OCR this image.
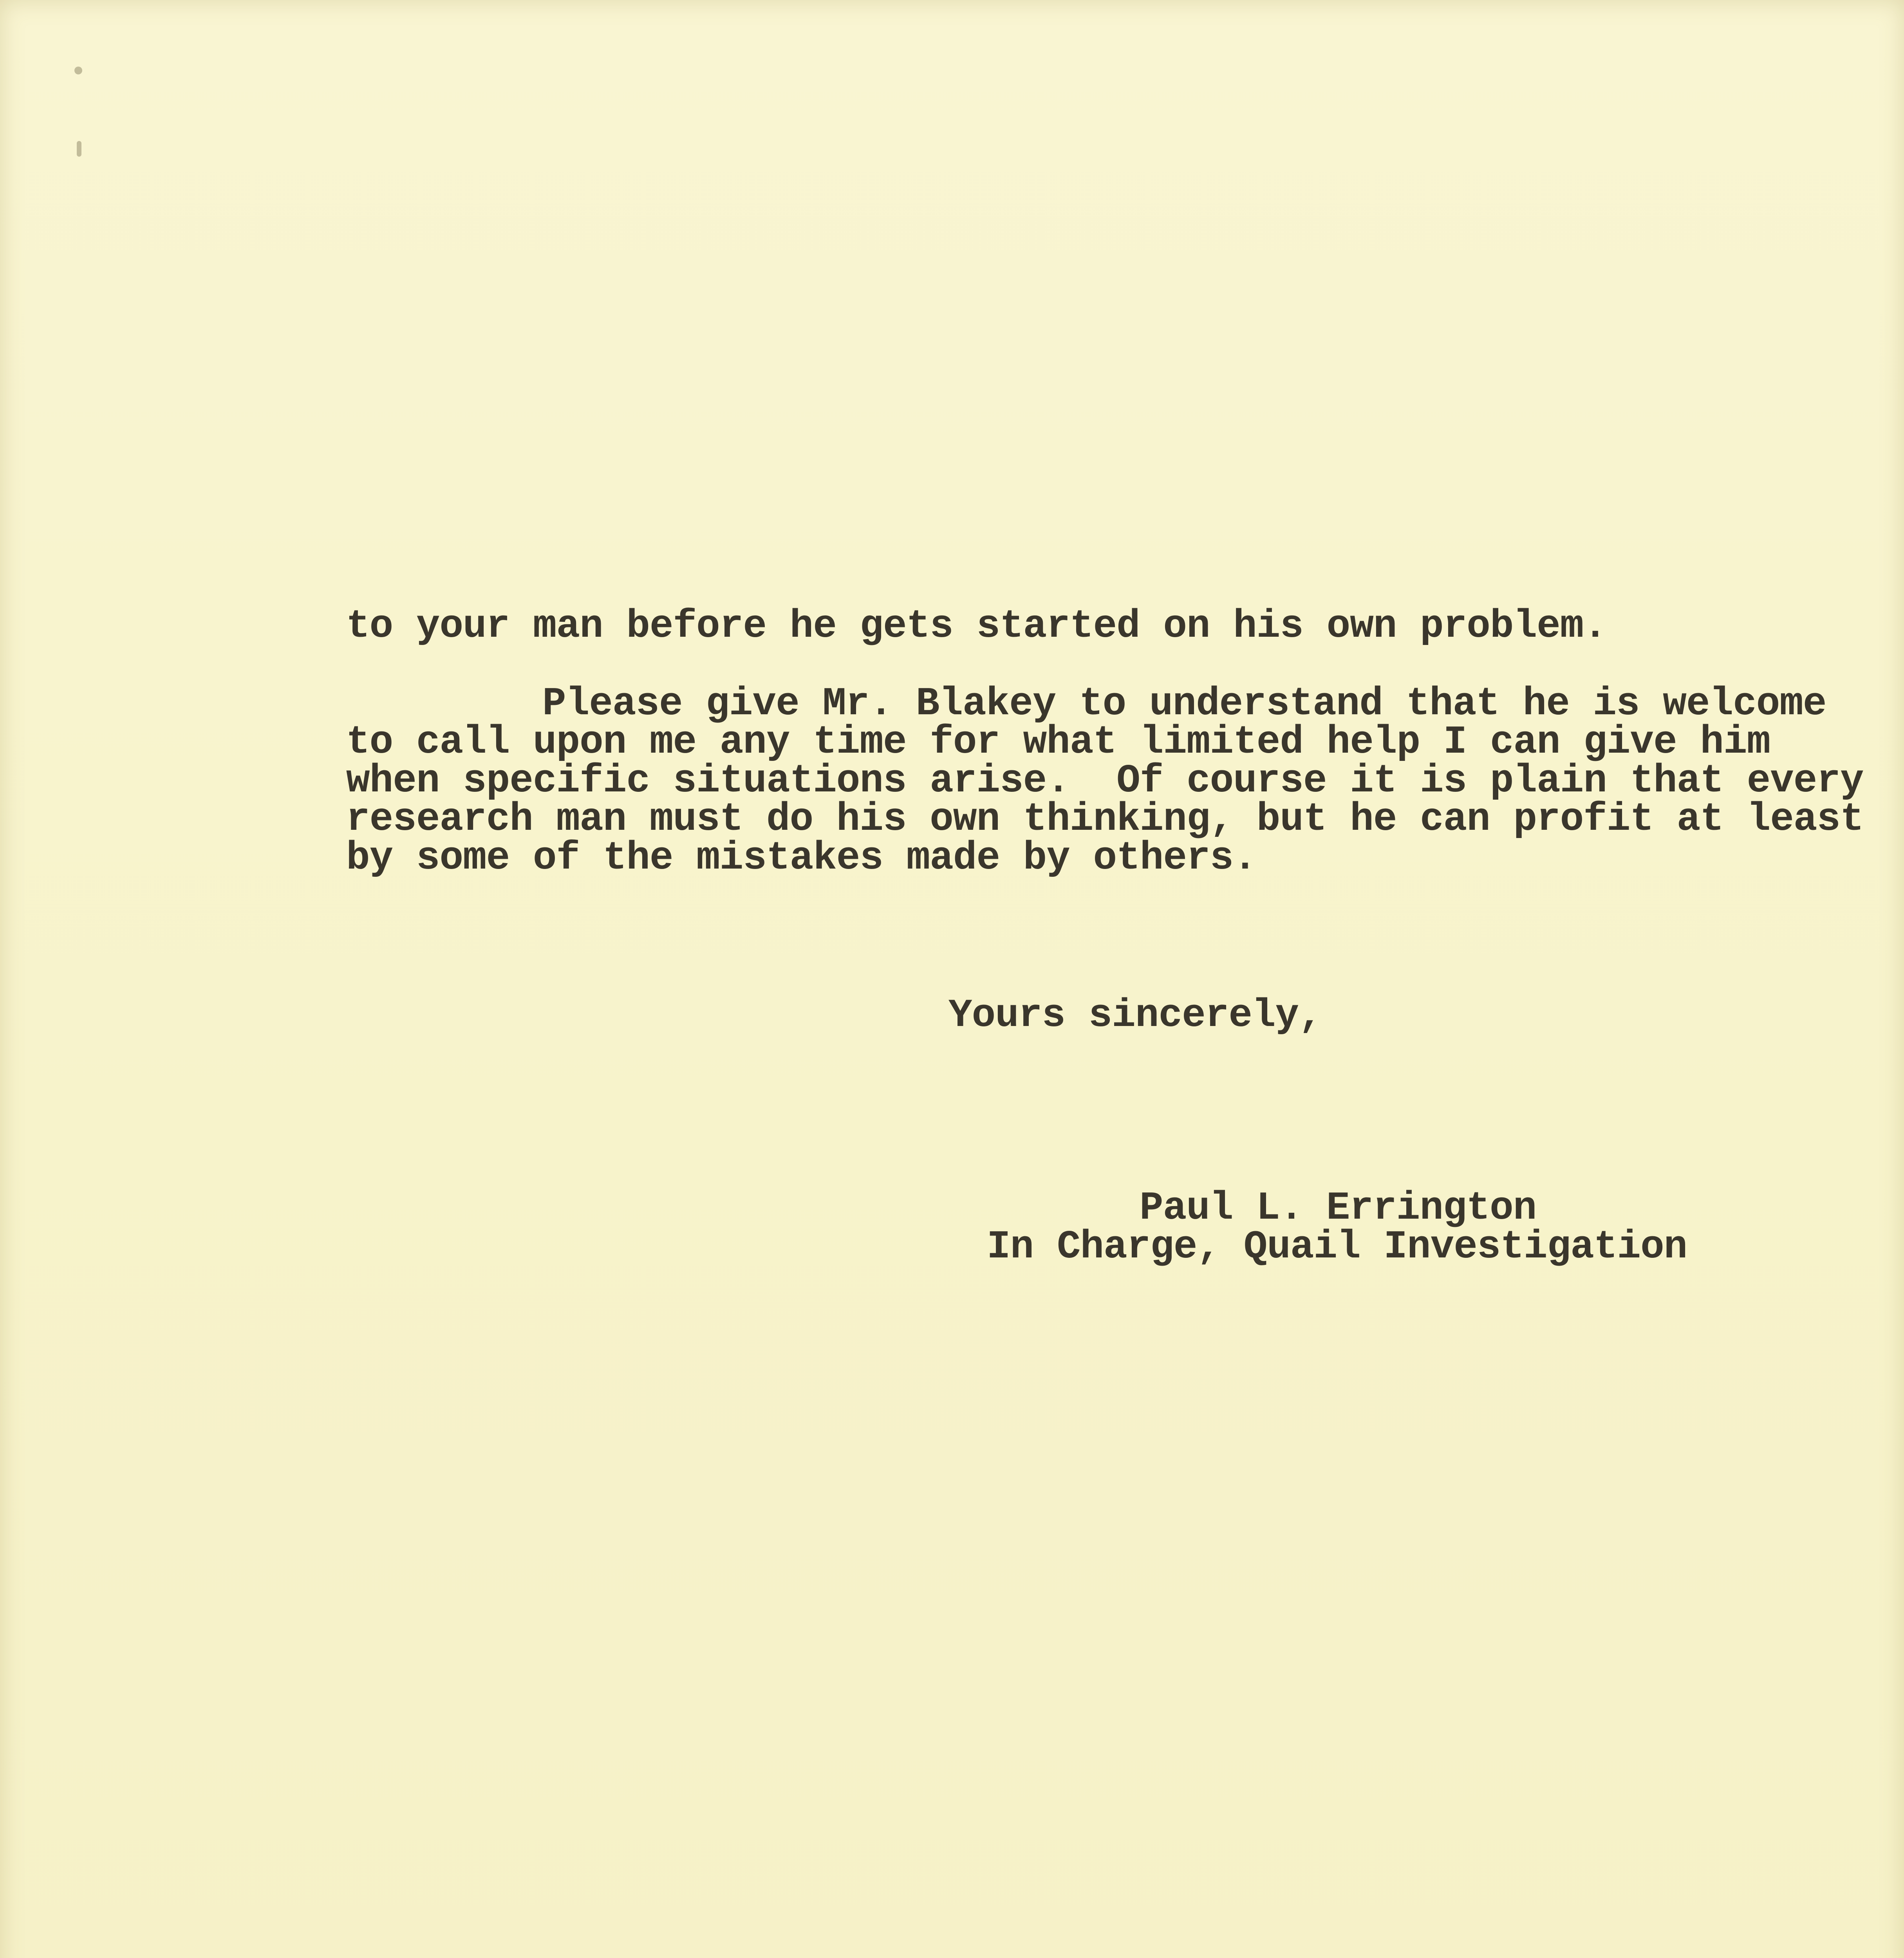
to your man before he gets started on his own problem.
Please give Mr. Blakey to understand that he is welcome
to call upon me any time for what limited help I can give him
when specific situations arise.  Of course it is plain that every
research man must do his own thinking, but he can profit at least
by some of the mistakes made by others.
Yours sincerely,
Paul L. Errington
In Charge, Quail Investigation
